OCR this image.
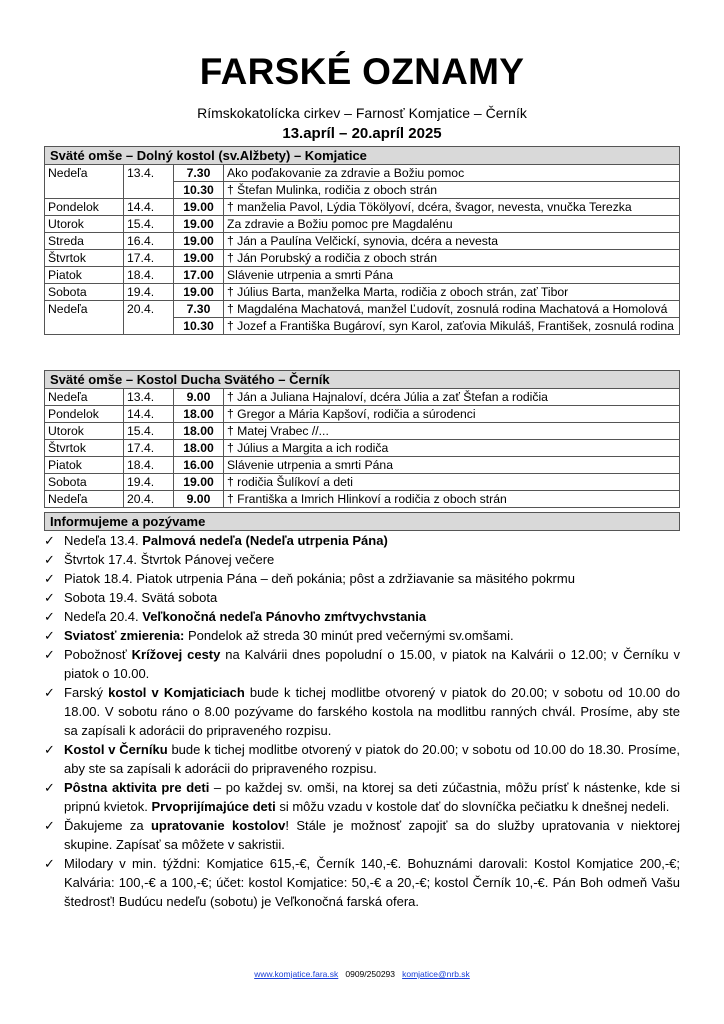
FARSKÉ OZNAMY
Rímskokatolícka cirkev – Farnosť Komjatice – Černík
13.apríl – 20.apríl 2025
Sväté omše – Dolný kostol (sv.Alžbety) – Komjatice			
Nedeľa	13.4.	7.30	Ako poďakovanie za zdravie a Božiu pomoc
		10.30	† Štefan Mulinka, rodičia z oboch strán
Pondelok	14.4.	19.00	† manželia Pavol, Lýdia Tökölyoví, dcéra, švagor, nevesta, vnučka Terezka
Utorok	15.4.	19.00	Za zdravie a Božiu pomoc pre Magdalénu
Streda	16.4.	19.00	† Ján a Paulína Velčickí, synovia, dcéra a nevesta
Štvrtok	17.4.	19.00	† Ján Porubský a rodičia z oboch strán
Piatok	18.4.	17.00	Slávenie utrpenia a smrti Pána
Sobota	19.4.	19.00	† Július Barta, manželka Marta, rodičia z oboch strán, zať Tibor
Nedeľa	20.4.	7.30	† Magdaléna Machatová, manžel Ľudovít, zosnulá rodina Machatová a Homolová
		10.30	† Jozef a Františka Bugároví, syn Karol, zaťovia Mikuláš, František, zosnulá rodina
Sväté omše – Kostol Ducha Svätého – Černík			
Nedeľa	13.4.	9.00	† Ján a Juliana Hajnaloví, dcéra Júlia a zať Štefan a rodičia
Pondelok	14.4.	18.00	† Gregor a Mária Kapšoví, rodičia a súrodenci
Utorok	15.4.	18.00	† Matej Vrabec //...
Štvrtok	17.4.	18.00	† Július a Margita a ich rodiča
Piatok	18.4.	16.00	Slávenie utrpenia a smrti Pána
Sobota	19.4.	19.00	† rodičia Šulíkoví a deti
Nedeľa	20.4.	9.00	† Františka a Imrich Hlinkoví a rodičia z oboch strán
Informujeme a pozývame
✓ Nedeľa 13.4. Palmová nedeľa (Nedeľa utrpenia Pána)
✓ Štvrtok 17.4. Štvrtok Pánovej večere
✓ Piatok 18.4. Piatok utrpenia Pána – deň pokánia; pôst a zdržiavanie sa mäsitého pokrmu
✓ Sobota 19.4. Svätá sobota
✓ Nedeľa 20.4. Veľkonočná nedeľa Pánovho zmŕtvychvstania
✓ Sviatosť zmierenia: Pondelok až streda 30 minút pred večernými sv.omšami.
✓ Pobožnosť Krížovej cesty na Kalvárii dnes popoludní o 15.00, v piatok na Kalvárii o 12.00; v Černíku v piatok o 10.00.
✓ Farský kostol v Komjaticiach bude k tichej modlitbe otvorený v piatok do 20.00; v sobotu od 10.00 do 18.00. V sobotu ráno o 8.00 pozývame do farského kostola na modlitbu ranných chvál. Prosíme, aby ste sa zapísali k adorácii do pripraveného rozpisu.
✓ Kostol v Černíku bude k tichej modlitbe otvorený v piatok do 20.00; v sobotu od 10.00 do 18.30. Prosíme, aby ste sa zapísali k adorácii do pripraveného rozpisu.
✓ Pôstna aktivita pre deti – po každej sv. omši, na ktorej sa deti zúčastnia, môžu prísť k nástenke, kde si pripnú kvietok. Prvoprijímajúce deti si môžu vzadu v kostole dať do slovníčka pečiatku k dnešnej nedeli.
✓ Ďakujeme za upratovanie kostolov! Stále je možnosť zapojiť sa do služby upratovania v niektorej skupine. Zapísať sa môžete v sakristii.
✓ Milodary v min. týždni: Komjatice 615,-€, Černík 140,-€. Bohuznámi darovali: Kostol Komjatice 200,-€; Kalvária: 100,-€ a 100,-€; účet: kostol Komjatice: 50,-€ a 20,-€; kostol Černík 10,-€. Pán Boh odmeň Vašu štedrosť! Budúcu nedeľu (sobotu) je Veľkonočná farská ofera.
www.komjatice.fara.sk 0909/250293 komjatice@nrb.sk
